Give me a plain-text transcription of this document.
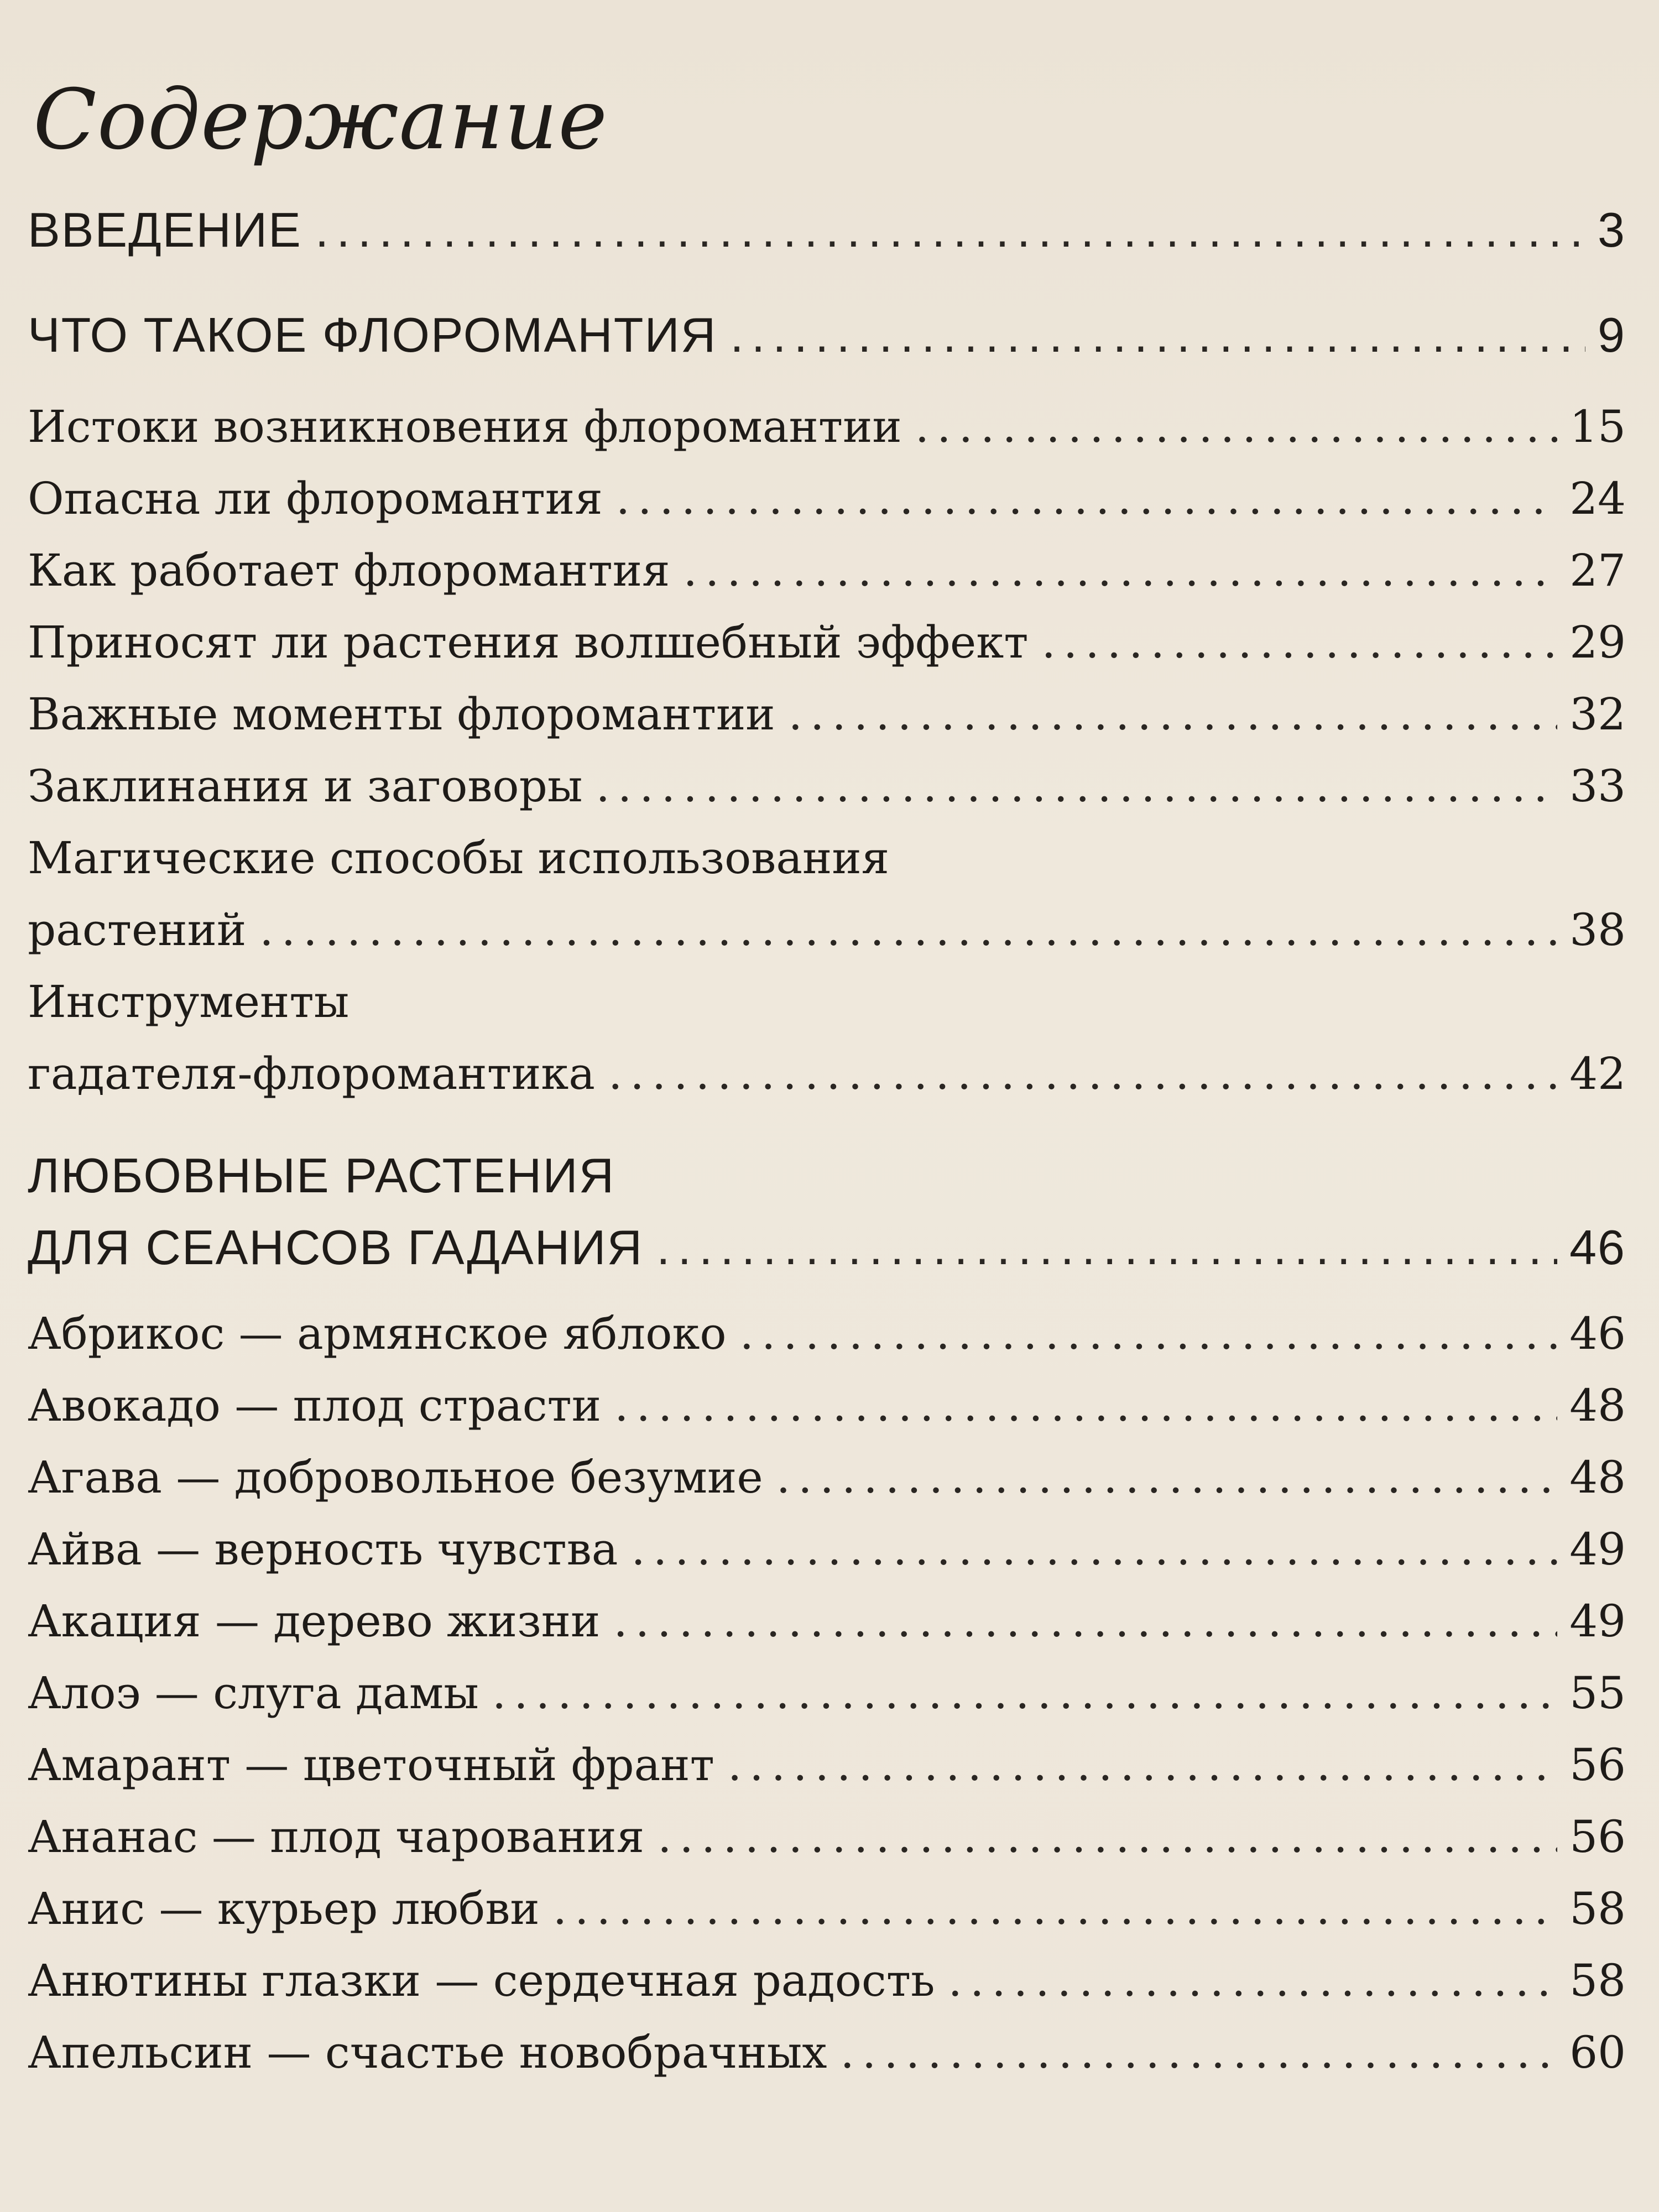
Содержание
ВВЕДЕНИЕ .....	3
ЧТО ТАКОЕ ФЛОРОМАНТИЯ .....	9
Истоки возникновения флоромантии .....	15
Опасна ли флоромантия .....	24
Как работает флоромантия .....	27
Приносят ли растения волшебный эффект .....	29
Важные моменты флоромантии .....	32
Заклинания и заговоры .....	33
Магические способы использования
растений .....	38
Инструменты
гадателя-флоромантика .....	42
ЛЮБОВНЫЕ РАСТЕНИЯ
ДЛЯ СЕАНСОВ ГАДАНИЯ .....	46
Абрикос — армянское яблоко .....	46
Авокадо — плод страсти .....	48
Агава — добровольное безумие .....	48
Айва — верность чувства .....	49
Акация — дерево жизни .....	49
Алоэ — слуга дамы .....	55
Амарант — цветочный франт .....	56
Ананас — плод чарования .....	56
Анис — курьер любви .....	58
Анютины глазки — сердечная радость .....	58
Апельсин — счастье новобрачных .....	60
